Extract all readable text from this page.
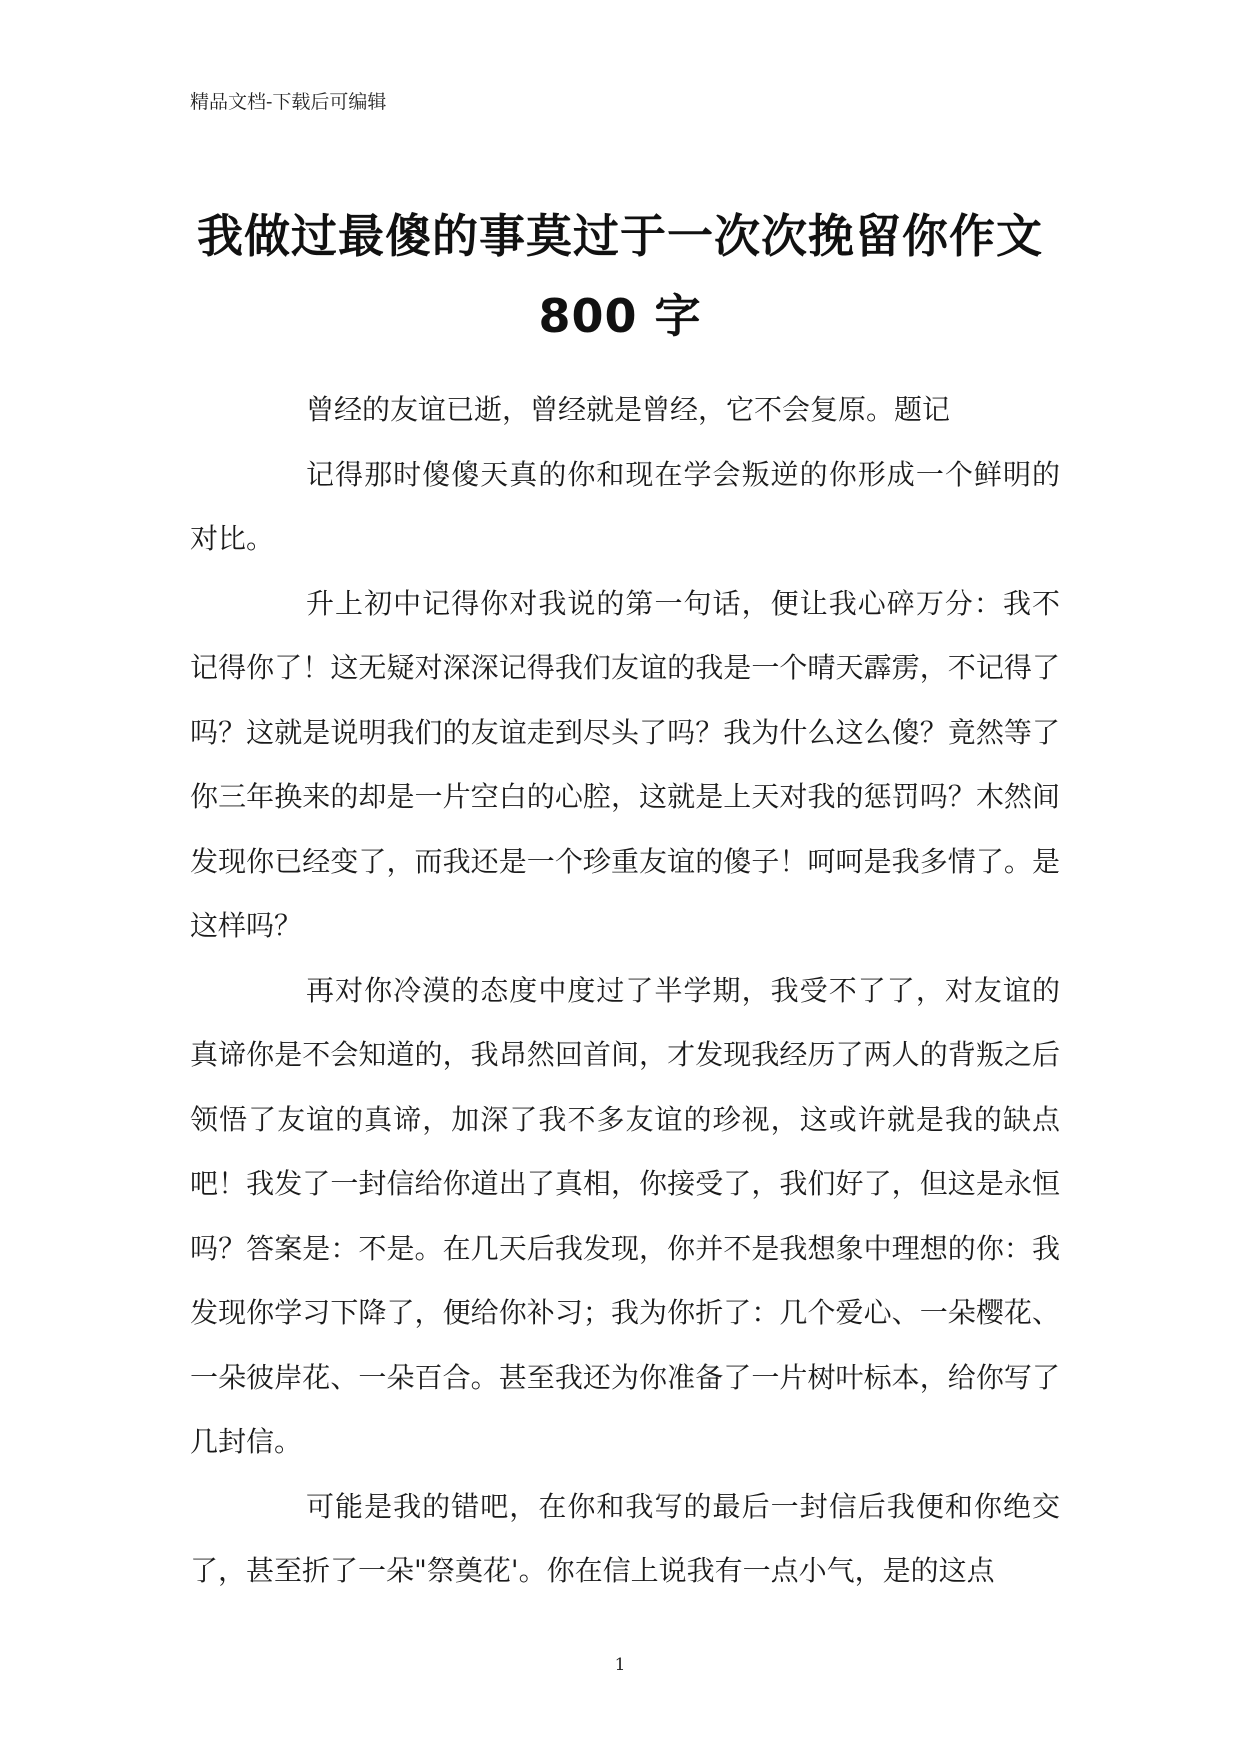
精品文档-下载后可编辑
我做过最傻的事莫过于一次次挽留你作文
800 字

曾经的友谊已逝，曾经就是曾经，它不会复原。题记

记得那时傻傻天真的你和现在学会叛逆的你形成一个鲜明的对比。

升上初中记得你对我说的第一句话，便让我心碎万分：我不记得你了！这无疑对深深记得我们友谊的我是一个晴天霹雳，不记得了吗？这就是说明我们的友谊走到尽头了吗？我为什么这么傻？竟然等了你三年换来的却是一片空白的心腔，这就是上天对我的惩罚吗？木然间发现你已经变了，而我还是一个珍重友谊的傻子！呵呵是我多情了。是这样吗？

再对你冷漠的态度中度过了半学期，我受不了了，对友谊的真谛你是不会知道的，我昂然回首间，才发现我经历了两人的背叛之后领悟了友谊的真谛，加深了我不多友谊的珍视，这或许就是我的缺点吧！我发了一封信给你道出了真相，你接受了，我们好了，但这是永恒吗？答案是：不是。在几天后我发现，你并不是我想象中理想的你：我发现你学习下降了，便给你补习；我为你折了：几个爱心、一朵樱花、一朵彼岸花、一朵百合。甚至我还为你准备了一片树叶标本，给你写了几封信。

可能是我的错吧，在你和我写的最后一封信后我便和你绝交了，甚至折了一朵"祭奠花'。你在信上说我有一点小气，是的这点

1
